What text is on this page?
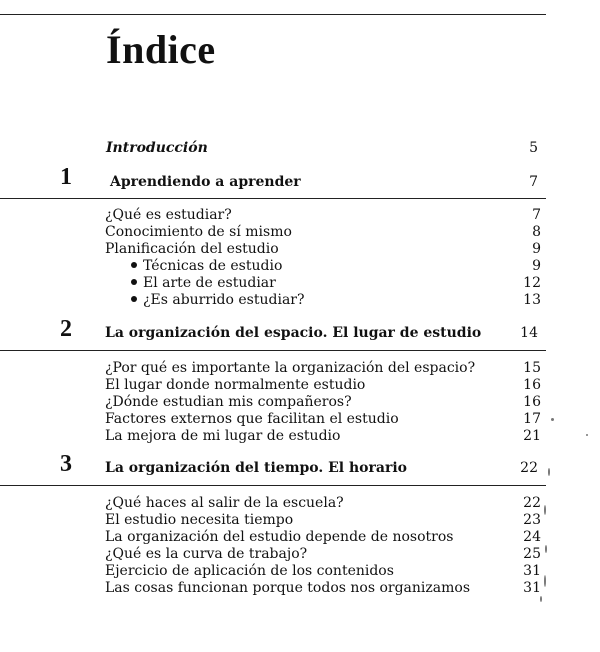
Índice
Introducción	5
1	Aprendiendo a aprender	7
¿Qué es estudiar?	7
Conocimiento de sí mismo	8
Planificación del estudio	9
Técnicas de estudio	9
El arte de estudiar	12
¿Es aburrido estudiar?	13
2 La organización del espacio. El lugar de estudio	14
¿Por qué es importante la organización del espacio?	15
El lugar donde normalmente estudio	16
¿Dónde estudian mis compañeros?	16
Factores externos que facilitan el estudio	17
La mejora de mi lugar de estudio	21
3 La organización del tiempo. El horario	22
¿Qué haces al salir de la escuela?	22
El estudio necesita tiempo	23
La organización del estudio depende de nosotros	24
¿Qué es la curva de trabajo?	25
Ejercicio de aplicación de los contenidos	31
Las cosas funcionan porque todos nos organizamos	31
